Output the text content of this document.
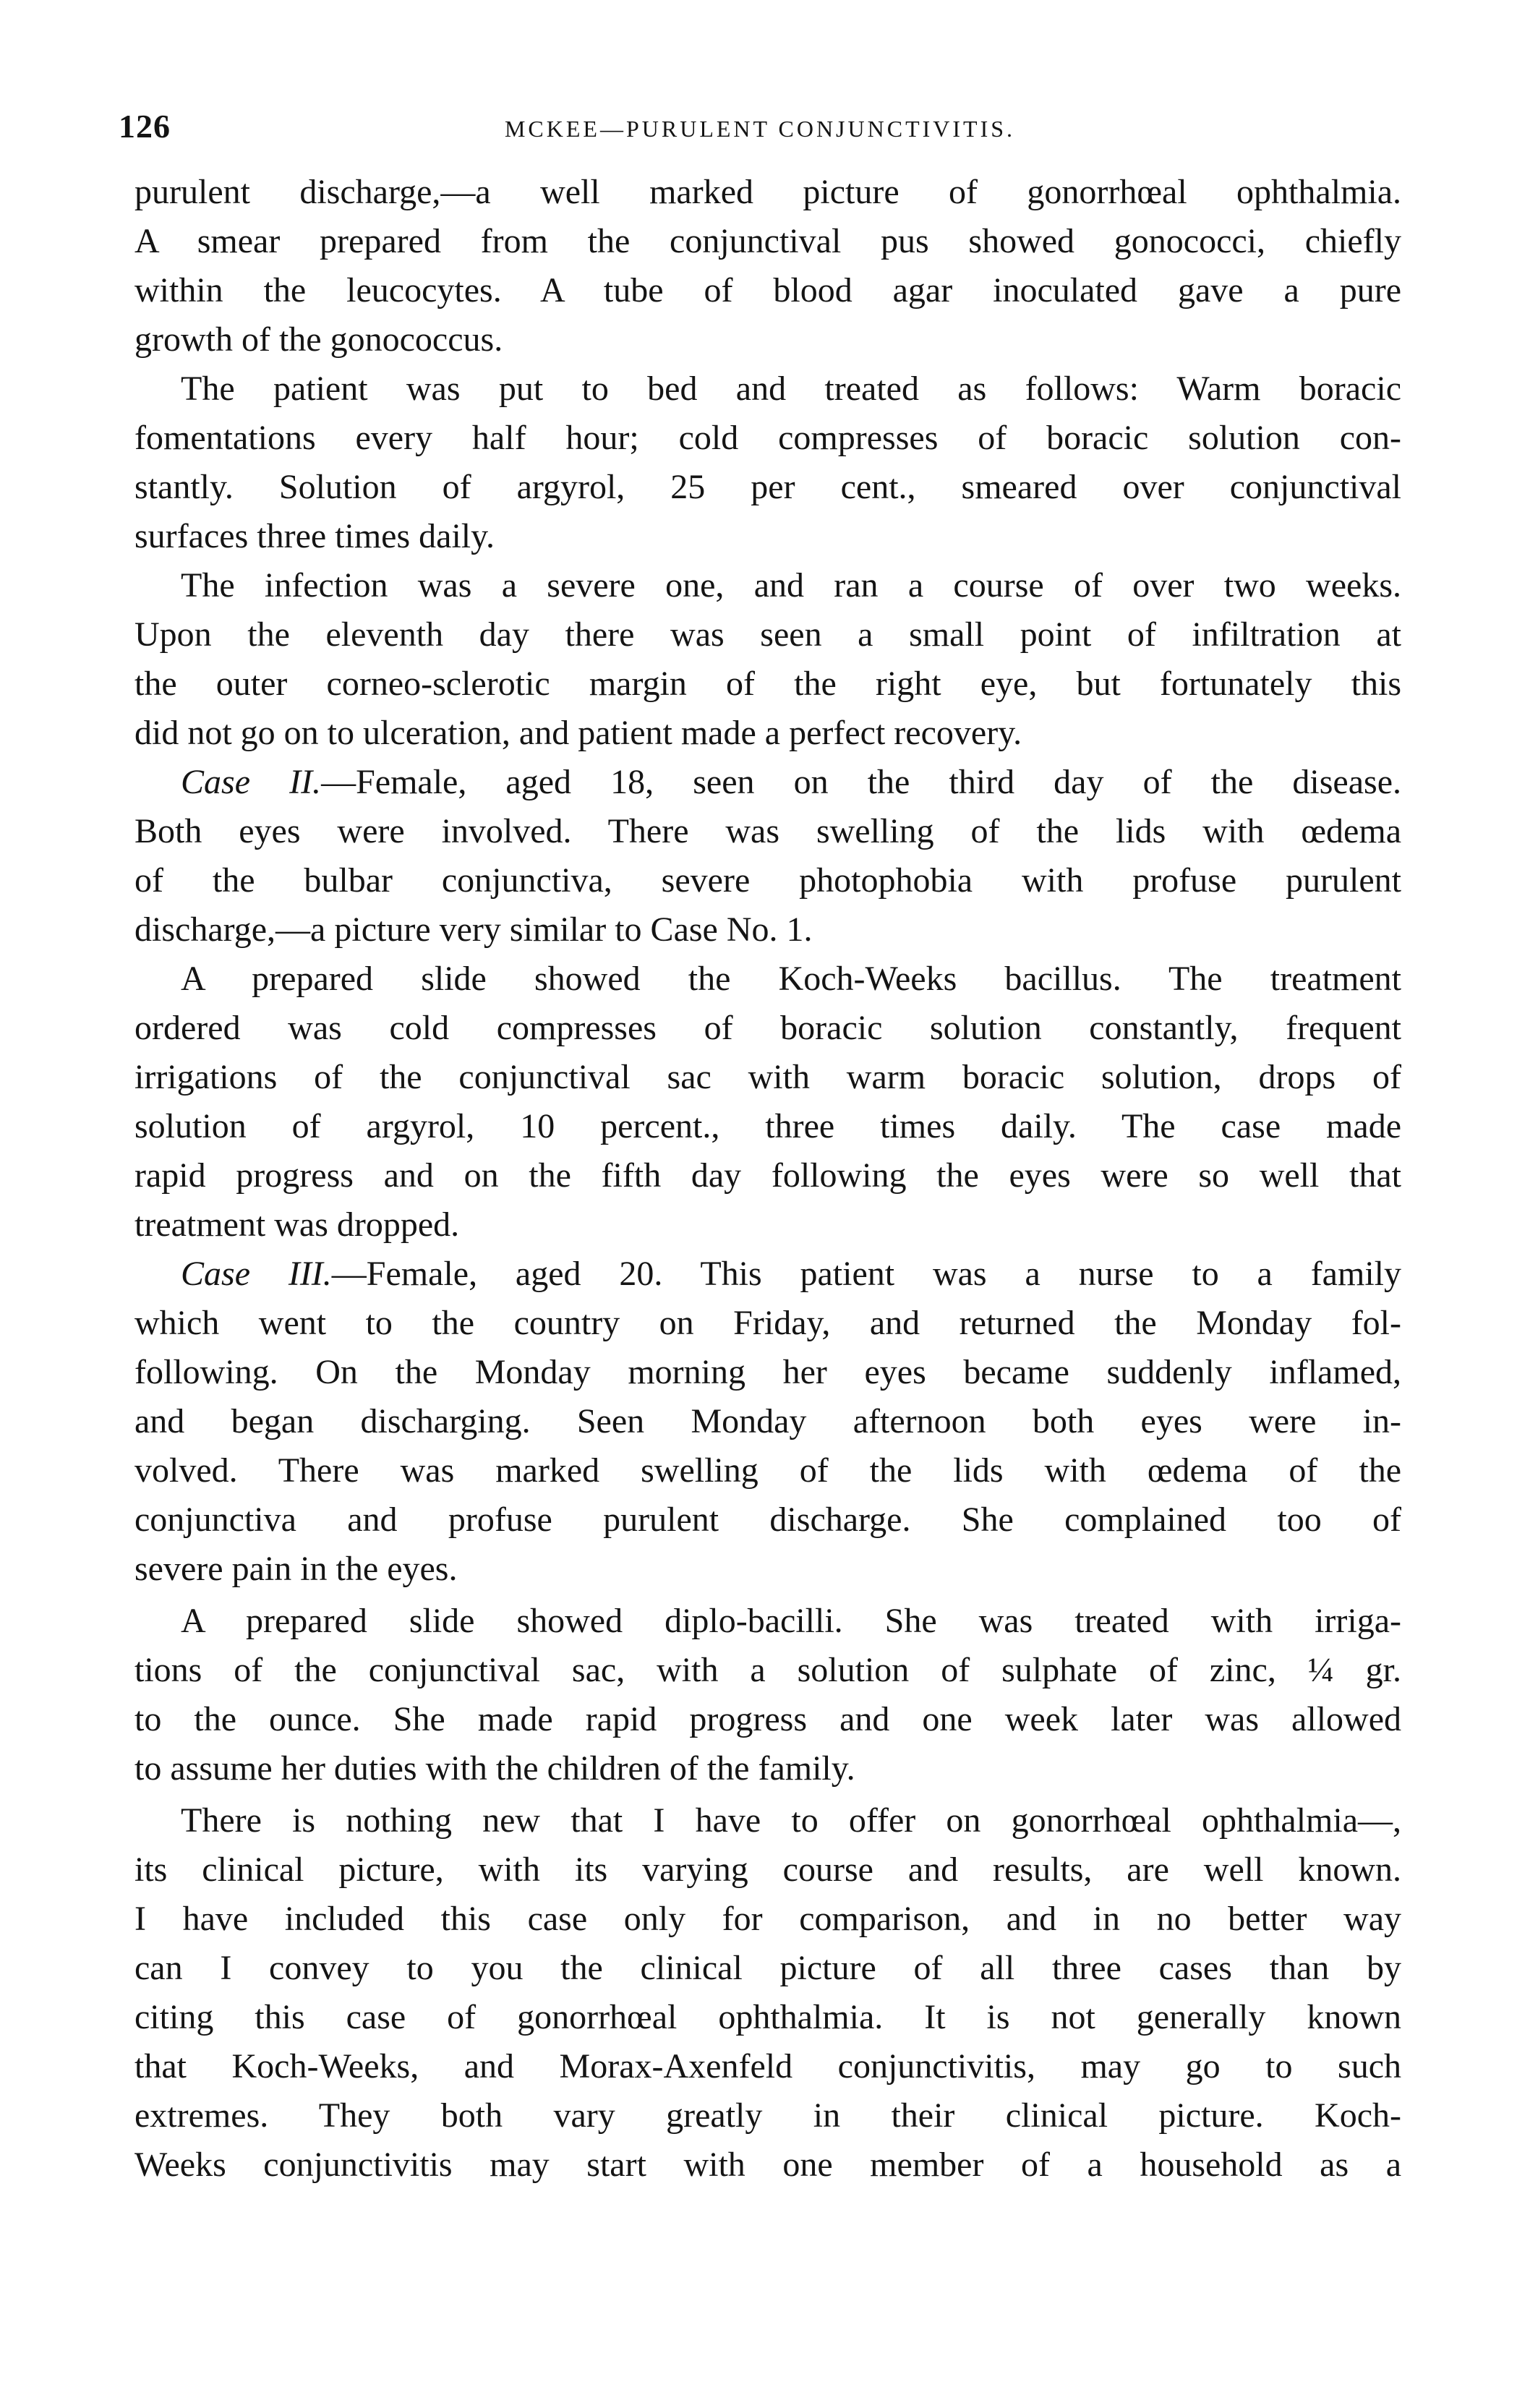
126	MCKEE—PURULENT CONJUNCTIVITIS.
purulent discharge,—a well marked picture of gonorrhœal ophthalmia.
A smear prepared from the conjunctival pus showed gonococci, chiefly
within the leucocytes. A tube of blood agar inoculated gave a pure
growth of the gonococcus.
The patient was put to bed and treated as follows: Warm boracic
fomentations every half hour; cold compresses of boracic solution con-
stantly. Solution of argyrol, 25 per cent., smeared over conjunctival
surfaces three times daily.
The infection was a severe one, and ran a course of over two weeks.
Upon the eleventh day there was seen a small point of infiltration at
the outer corneo-sclerotic margin of the right eye, but fortunately this
did not go on to ulceration, and patient made a perfect recovery.
Case II.—Female, aged 18, seen on the third day of the disease.
Both eyes were involved. There was swelling of the lids with œdema
of the bulbar conjunctiva, severe photophobia with profuse purulent
discharge,—a picture very similar to Case No. 1.
A prepared slide showed the Koch-Weeks bacillus. The treatment
ordered was cold compresses of boracic solution constantly, frequent
irrigations of the conjunctival sac with warm boracic solution, drops of
solution of argyrol, 10 percent., three times daily. The case made
rapid progress and on the fifth day following the eyes were so well that
treatment was dropped.
Case III.—Female, aged 20. This patient was a nurse to a family
which went to the country on Friday, and returned the Monday fol-
following. On the Monday morning her eyes became suddenly inflamed,
and began discharging. Seen Monday afternoon both eyes were in-
volved. There was marked swelling of the lids with œdema of the
conjunctiva and profuse purulent discharge. She complained too of
severe pain in the eyes.
A prepared slide showed diplo-bacilli. She was treated with irriga-
tions of the conjunctival sac, with a solution of sulphate of zinc, ¼ gr.
to the ounce. She made rapid progress and one week later was allowed
to assume her duties with the children of the family.
There is nothing new that I have to offer on gonorrhœal ophthalmia—,
its clinical picture, with its varying course and results, are well known.
I have included this case only for comparison, and in no better way
can I convey to you the clinical picture of all three cases than by
citing this case of gonorrhœal ophthalmia. It is not generally known
that Koch-Weeks, and Morax-Axenfeld conjunctivitis, may go to such
extremes. They both vary greatly in their clinical picture. Koch-
Weeks conjunctivitis may start with one member of a household as a
